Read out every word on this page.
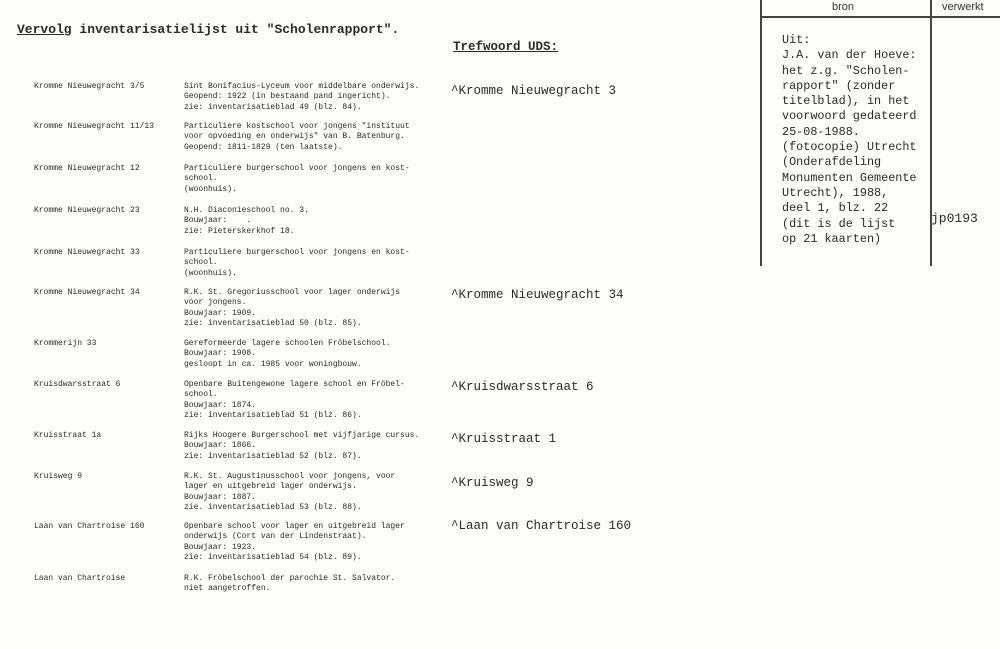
Vervolg inventarisatielijst uit "Scholenrapport".
Trefwoord UDS:
bron	verwerkt
Uit:
J.A. van der Hoeve:
het z.g. "Scholen-
rapport" (zonder
titelblad), in het
voorwoord gedateerd
25-08-1988.
(fotocopie) Utrecht
(Onderafdeling
Monumenten Gemeente
Utrecht), 1988,
deel 1, blz. 22
(dit is de lijst
op 21 kaarten)
jp0193
Kromme Nieuwegracht 3/5	Sint Bonifacius-Lyceum voor middelbare onderwijs.
Geopend: 1922 (in bestaand pand ingericht).
zie: inventarisatieblad 49 (blz. 84).
^Kromme Nieuwegracht 3
Kromme Nieuwegracht 11/13	Particuliere kostschool voor jongens "instituut
voor opvoeding en onderwijs" van B. Batenburg.
Geopend: 1811-1829 (ten laatste).
Kromme Nieuwegracht 12	Particuliere burgerschool voor jongens en kost-
school.
(woonhuis).
Kromme Nieuwegracht 23	N.H. Diaconieschool no. 3.
Bouwjaar:    .
zie: Pieterskerkhof 18.
Kromme Nieuwegracht 33	Particuliere burgerschool voor jongens en kost-
school.
(woonhuis).
Kromme Nieuwegracht 34	R.K. St. Gregoriusschool voor lager onderwijs
voor jongens.
Bouwjaar: 1909.
zie: inventarisatieblad 50 (blz. 85).
^Kromme Nieuwegracht 34
Krommerijn 33	Gereformeerde lagere schoolen Fröbelschool.
Bouwjaar: 1908.
gesloopt in ca. 1985 voor woningbouw.
Kruisdwarsstraat 6	Openbare Buitengewone lagere school en Fröbel-
school.
Bouwjaar: 1874.
zie: inventarisatieblad 51 (blz. 86).
^Kruisdwarsstraat 6
Kruisstraat 1a	Rijks Hoogere Burgerschool met vijfjarige cursus.
Bouwjaar: 1866.
zie: inventarisatieblad 52 (blz. 87).
^Kruisstraat 1
Kruisweg 9	R.K. St. Augustinusschool voor jongens, voor
lager en uitgebreid lager onderwijs.
Bouwjaar: 1887.
zie. inventarisatieblad 53 (blz. 88).
^Kruisweg 9
Laan van Chartroise 160	Openbare school voor lager en uitgebreid lager
onderwijs (Cort van der Lindenstraat).
Bouwjaar: 1923.
zie: inventarisatieblad 54 (blz. 89).
^Laan van Chartroise 160
Laan van Chartroise	R.K. Fröbelschool der parochie St. Salvator.
niet aangetroffen.
